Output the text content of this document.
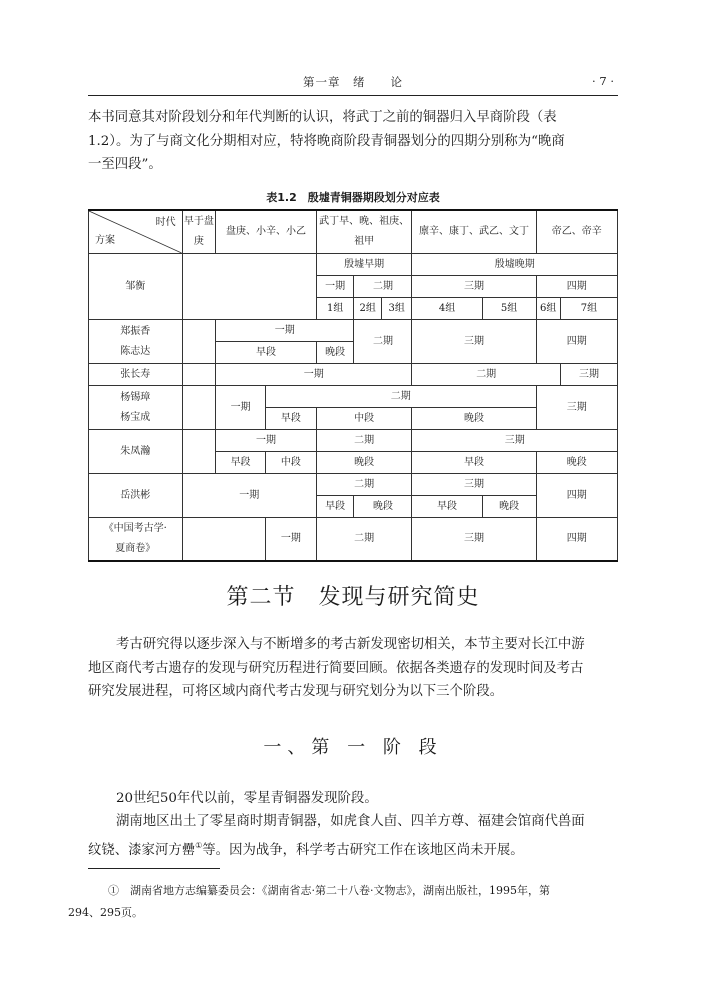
第一章　绪　　论	· 7 ·
本书同意其对阶段划分和年代判断的认识，将武丁之前的铜器归入早商阶段（表
1.2）。为了与商文化分期相对应，特将晚商阶段青铜器划分的四期分别称为“晚商
一至四段”。
表1.2　殷墟青铜器期段划分对应表
时代
方案	早于盘庚	盘庚、小辛、小乙		武丁早、晚、祖庚、祖甲			廪辛、康丁、武乙、文丁		帝乙、帝辛	
邹衡				殷墟早期			殷墟晚期			
				一期	二期		三期		四期	
				1组	2组	3组	4组	5组	6组	7组

郑振香
陈志达		一期			二期		三期		四期	
		早段		晚段						
张长寿		一期					二期			三期

杨锡璋
杨宝成		一期	二期						三期	
			早段	中段			晚段			
朱凤瀚		一期		二期			三期			
		早段	中段	晚段			早段		晚段	
岳洪彬	一期			二期			三期		四期	
				早段	晚段		早段	晚段		

《中国考古学·
夏商卷》			一期	二期			三期		四期	
第二节　发现与研究简史
考古研究得以逐步深入与不断增多的考古新发现密切相关，本节主要对长江中游
地区商代考古遗存的发现与研究历程进行简要回顾。依据各类遗存的发现时间及考古
研究发展进程，可将区域内商代考古发现与研究划分为以下三个阶段。
一、第 一 阶 段
20世纪50年代以前，零星青铜器发现阶段。
湖南地区出土了零星商时期青铜器，如虎食人卣、四羊方尊、福建会馆商代兽面
纹铙、漆家河方罍①等。因为战争，科学考古研究工作在该地区尚未开展。
①　湖南省地方志编纂委员会：《湖南省志·第二十八卷·文物志》，湖南出版社，1995年，第
294、295页。
